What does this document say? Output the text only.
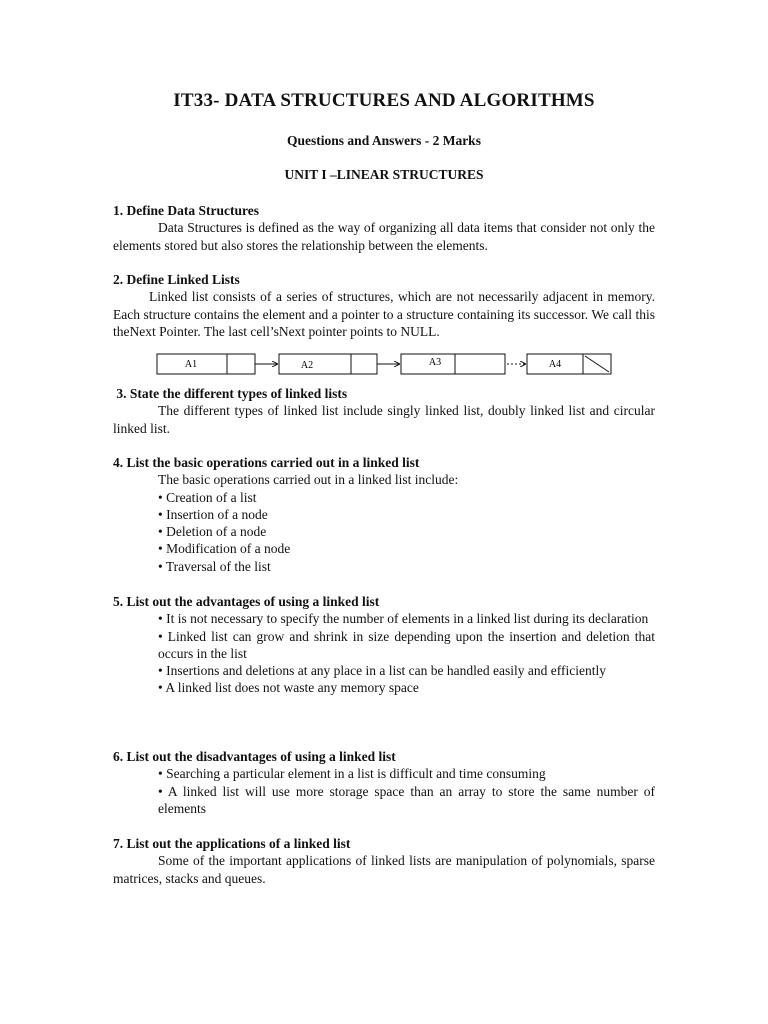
IT33- DATA STRUCTURES AND ALGORITHMS
Questions and Answers - 2 Marks
UNIT I –LINEAR STRUCTURES
1. Define Data Structures

Data Structures is defined as the way of organizing all data items that consider not only the elements stored but also stores the relationship between the elements.

2. Define Linked Lists

Linked list consists of a series of structures, which are not necessarily adjacent in memory. Each structure contains the element and a pointer to a structure containing its successor. We call this theNext Pointer. The last cell’sNext pointer points to NULL.

A1	A2	A3	A4
3. State the different types of linked lists

The different types of linked list include singly linked list, doubly linked list and circular linked list.

4. List the basic operations carried out in a linked list
The basic operations carried out in a linked list include:
• Creation of a list
• Insertion of a node
• Deletion of a node
• Modification of a node
• Traversal of the list
5. List out the advantages of using a linked list
• It is not necessary to specify the number of elements in a linked list during its declaration
• Linked list can grow and shrink in size depending upon the insertion and deletion that occurs in the list
• Insertions and deletions at any place in a list can be handled easily and efficiently
• A linked list does not waste any memory space
6. List out the disadvantages of using a linked list
• Searching a particular element in a list is difficult and time consuming
• A linked list will use more storage space than an array to store the same number of elements
7. List out the applications of a linked list

Some of the important applications of linked lists are manipulation of polynomials, sparse matrices, stacks and queues.
